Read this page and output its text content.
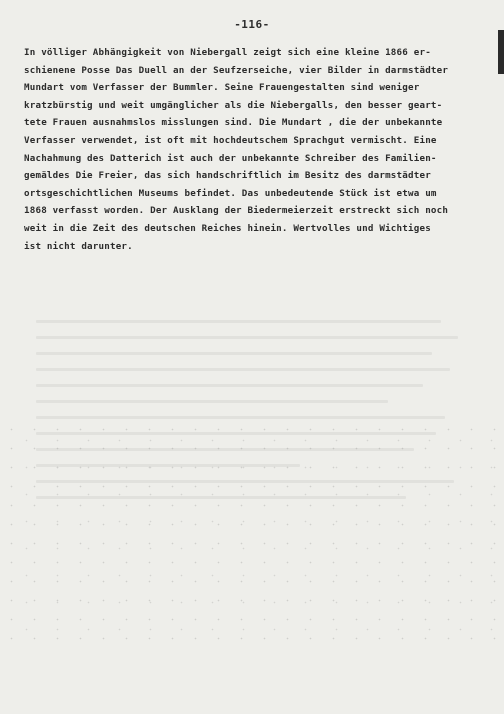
-116-
In völliger Abhängigkeit von Niebergall zeigt sich eine kleine 1866 er-
schienene Posse Das Duell an der Seufzerseiche, vier Bilder in darmstädter
Mundart vom Verfasser der Bummler. Seine Frauengestalten sind weniger
kratzbürstig und weit umgänglicher als die Niebergalls, den besser geart-
tete Frauen ausnahmslos misslungen sind. Die Mundart , die der unbekannte
Verfasser verwendet, ist oft mit hochdeutschem Sprachgut vermischt. Eine
Nachahmung des Datterich ist auch der unbekannte Schreiber des Familien-
gemäldes Die Freier, das sich handschriftlich im Besitz des darmstädter
ortsgeschichtlichen Museums befindet. Das unbedeutende Stück ist etwa um
1868 verfasst worden. Der Ausklang der Biedermeierzeit erstreckt sich noch
weit in die Zeit des deutschen Reiches hinein. Wertvolles und Wichtiges
ist nicht darunter.
